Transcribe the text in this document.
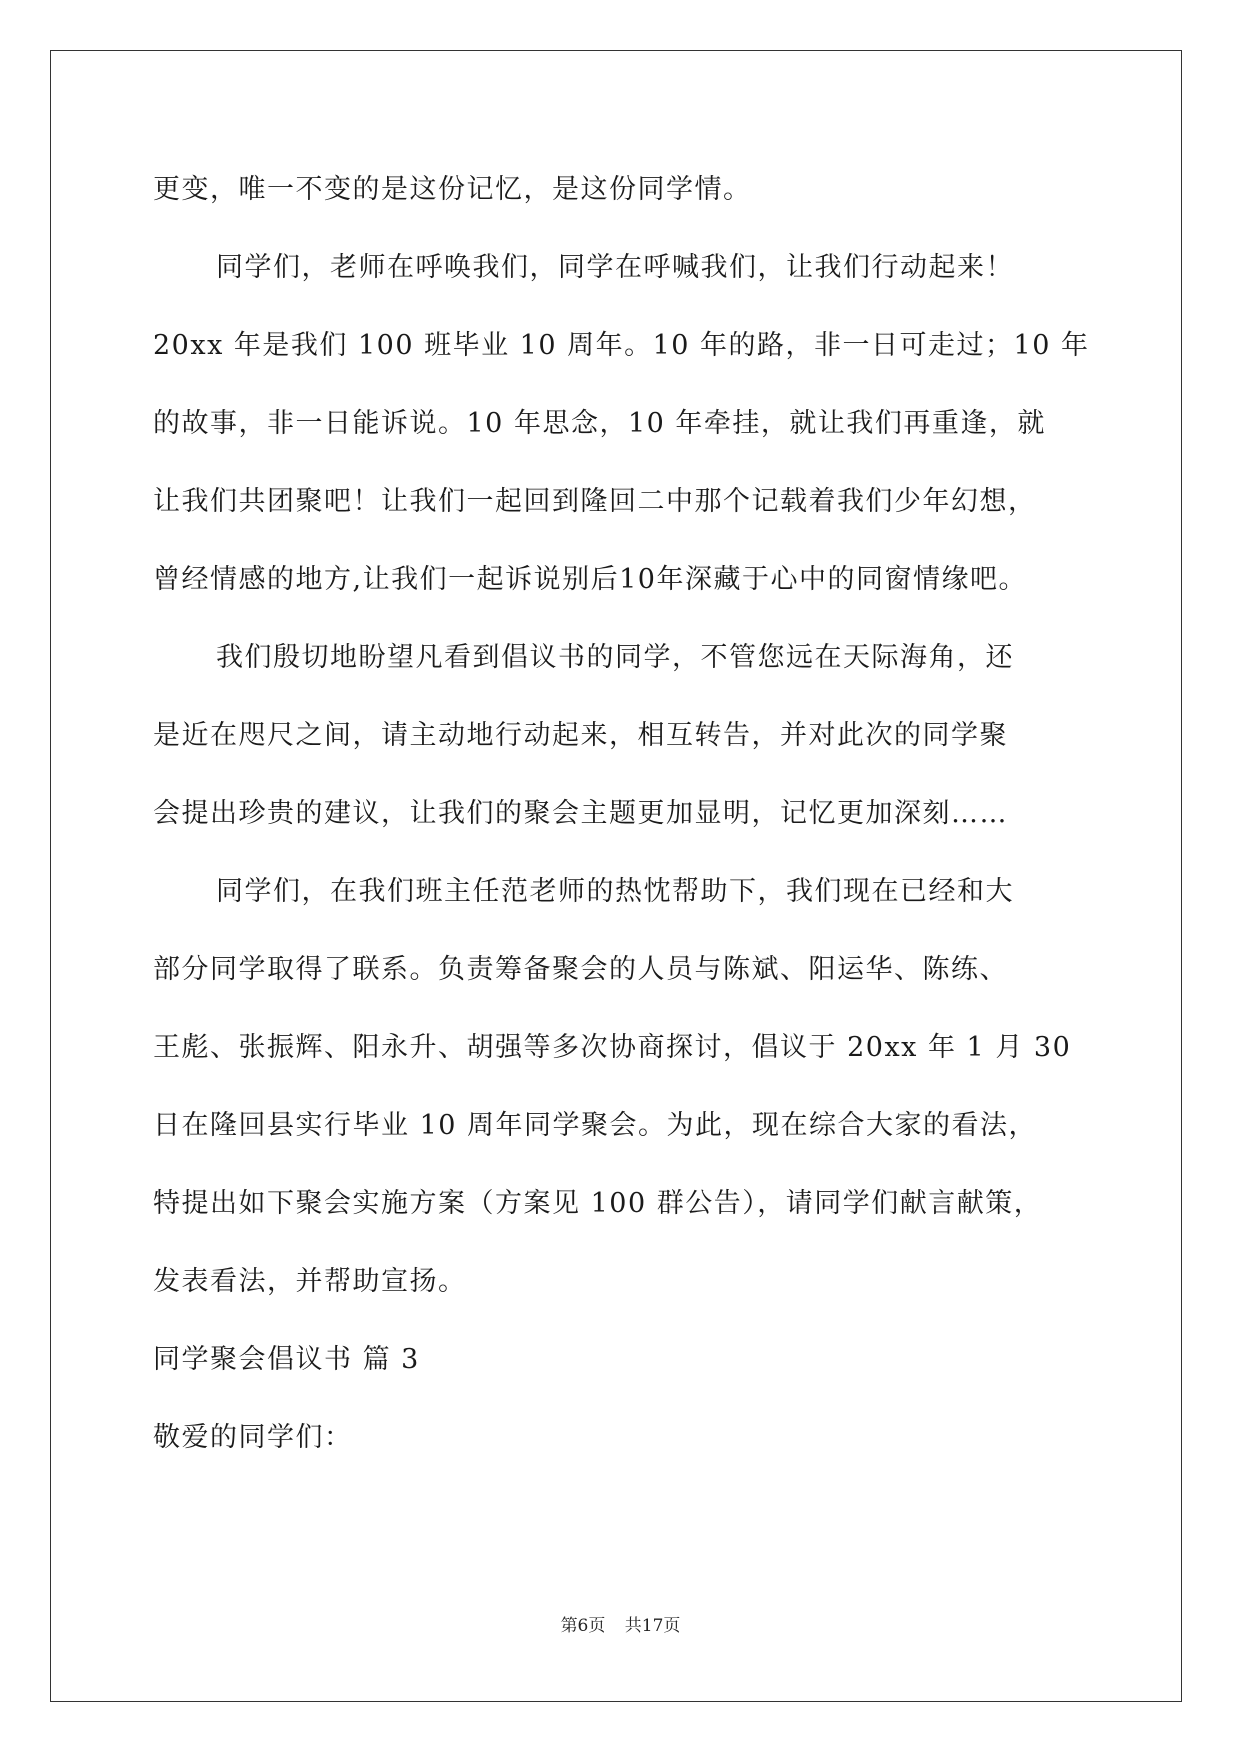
更变，唯一不变的是这份记忆，是这份同学情。
同学们，老师在呼唤我们，同学在呼喊我们，让我们行动起来！
20xx 年是我们 100 班毕业 10 周年。10 年的路，非一日可走过；10 年
的故事，非一日能诉说。10 年思念，10 年牵挂，就让我们再重逢，就
让我们共团聚吧！让我们一起回到隆回二中那个记载着我们少年幻想，
曾经情感的地方,让我们一起诉说别后10年深藏于心中的同窗情缘吧。
我们殷切地盼望凡看到倡议书的同学，不管您远在天际海角，还
是近在咫尺之间，请主动地行动起来，相互转告，并对此次的同学聚
会提出珍贵的建议，让我们的聚会主题更加显明，记忆更加深刻……
同学们，在我们班主任范老师的热忱帮助下，我们现在已经和大
部分同学取得了联系。负责筹备聚会的人员与陈斌、阳运华、陈练、
王彪、张振辉、阳永升、胡强等多次协商探讨，倡议于 20xx 年 1 月 30
日在隆回县实行毕业 10 周年同学聚会。为此，现在综合大家的看法，
特提出如下聚会实施方案（方案见 100 群公告），请同学们献言献策，
发表看法，并帮助宣扬。
同学聚会倡议书 篇 3
敬爱的同学们：
第6页 共17页
